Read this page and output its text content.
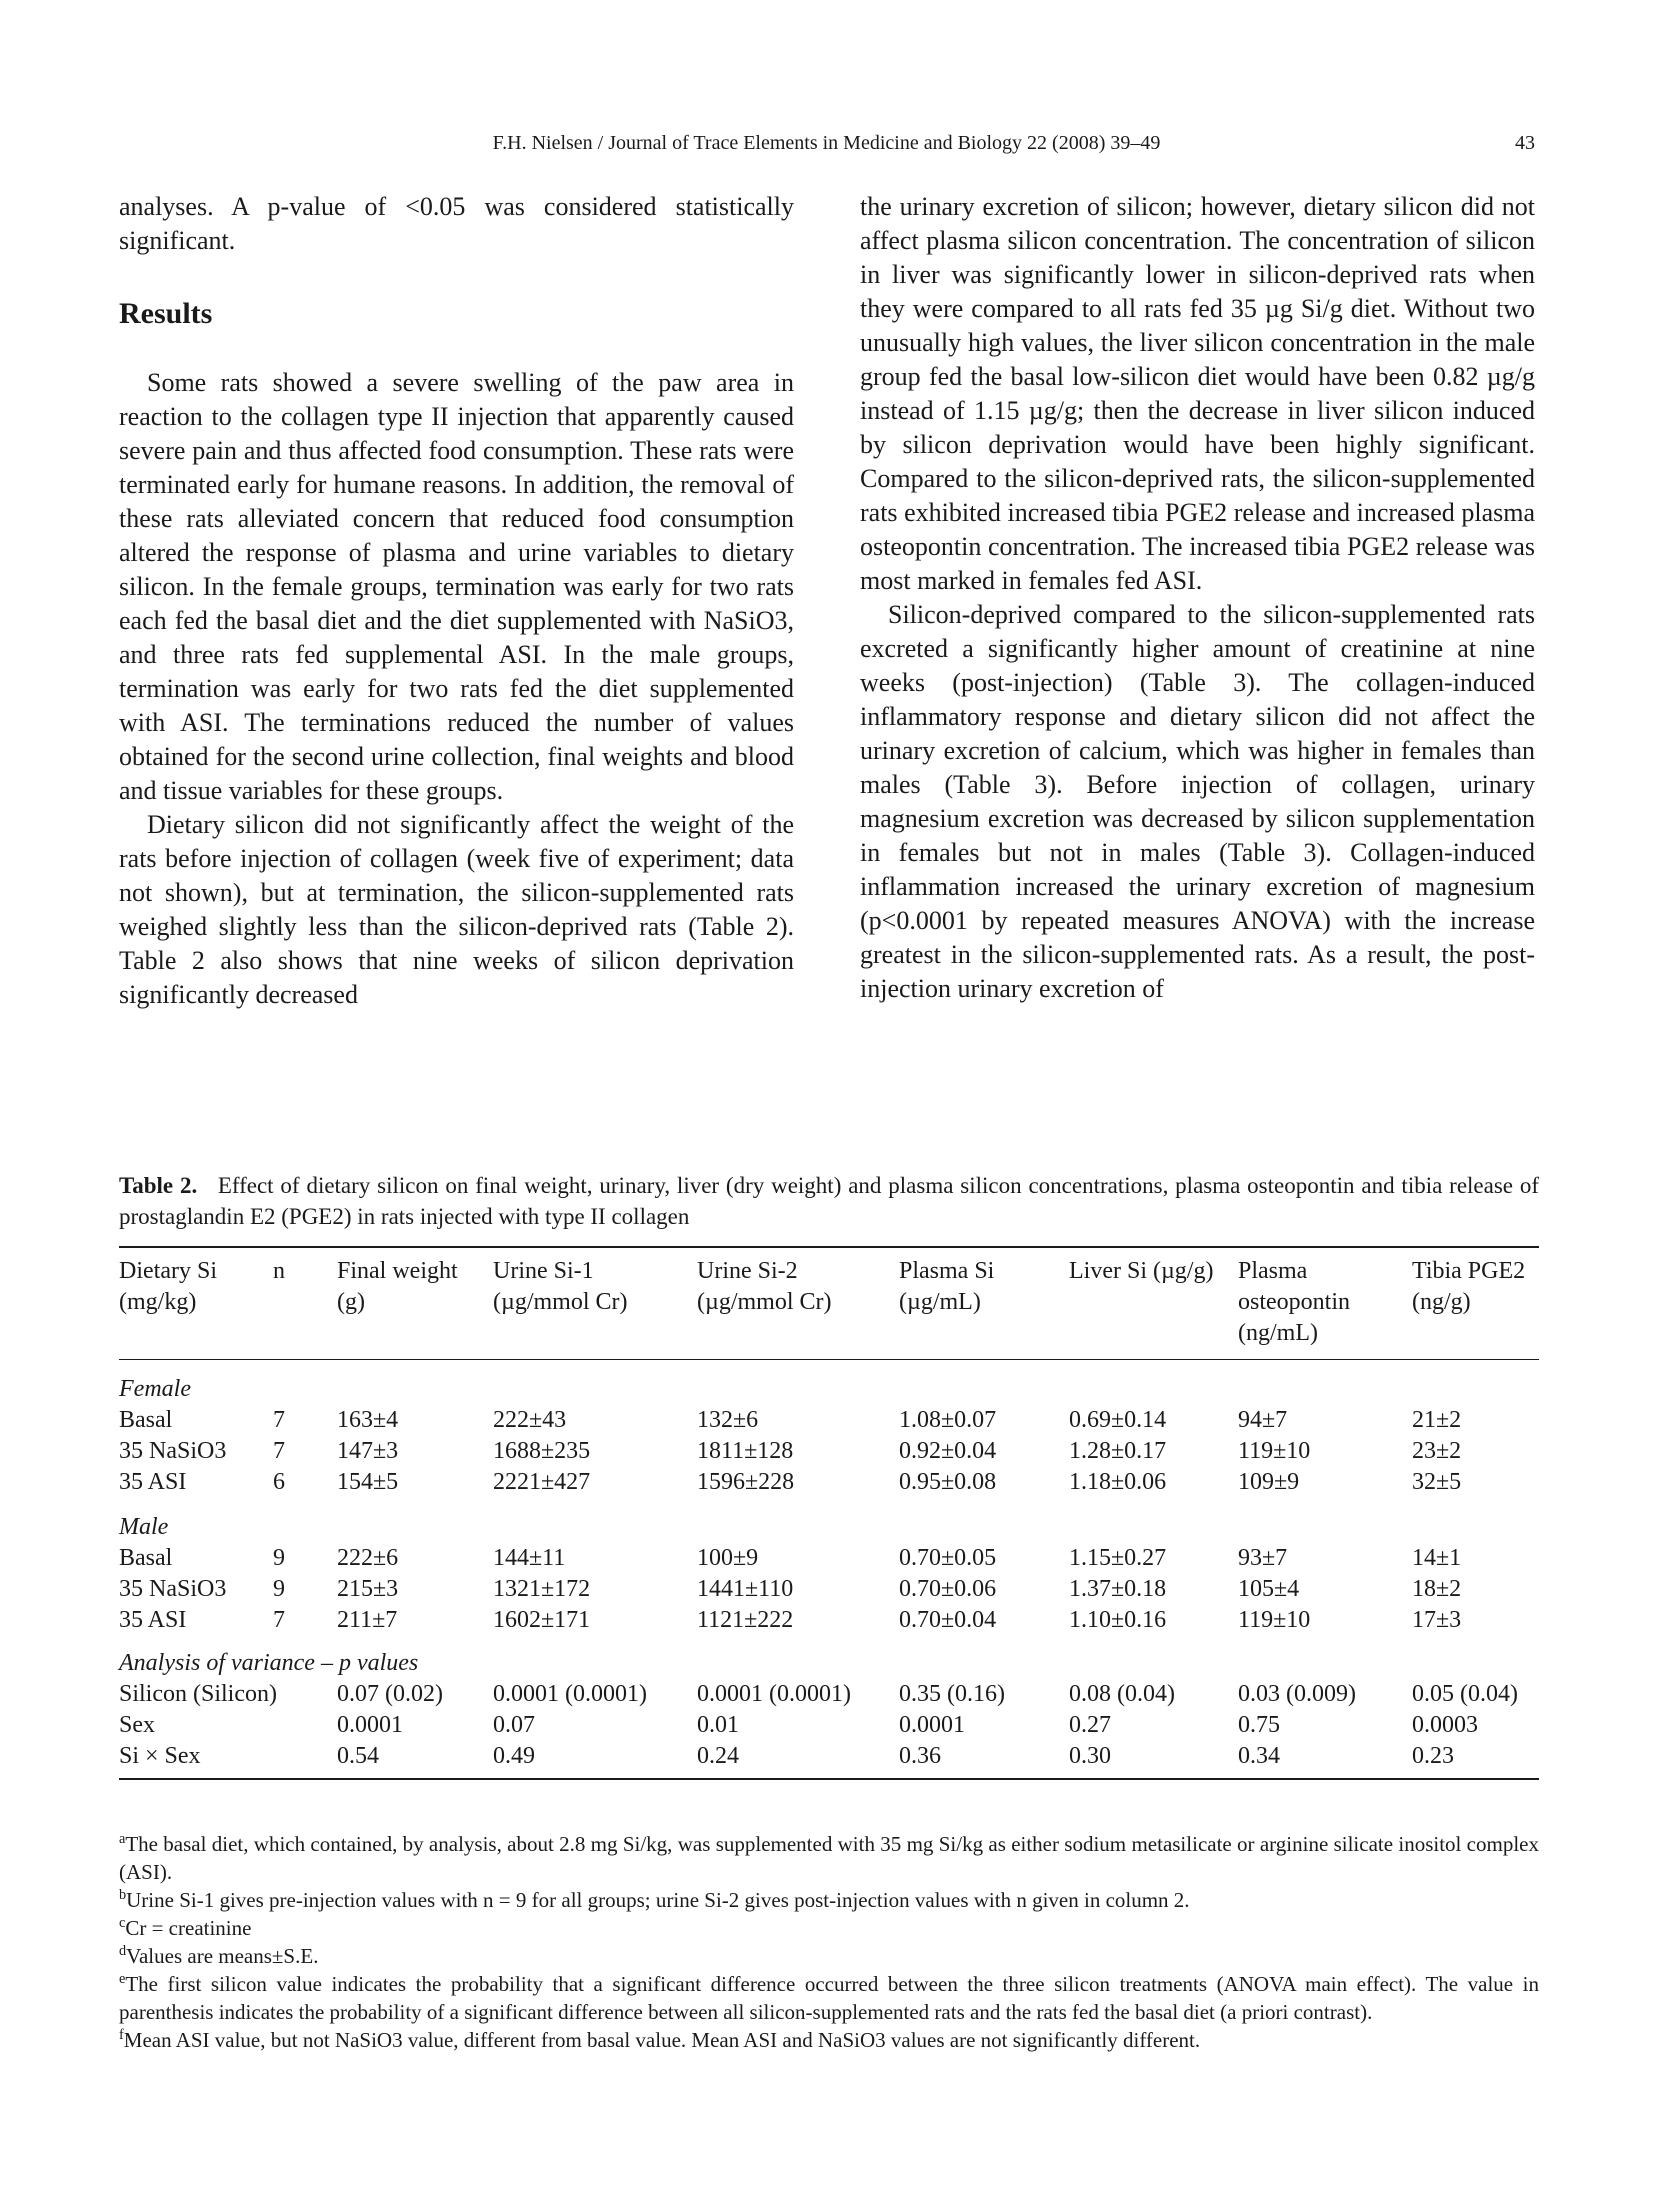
F.H. Nielsen / Journal of Trace Elements in Medicine and Biology 22 (2008) 39–49	43

analyses. A p-value of <0.05 was considered statistically significant.

Results

Some rats showed a severe swelling of the paw area in reaction to the collagen type II injection that apparently caused severe pain and thus affected food consumption. These rats were terminated early for humane reasons. In addition, the removal of these rats alleviated concern that reduced food consumption altered the response of plasma and urine variables to dietary silicon. In the female groups, termination was early for two rats each fed the basal diet and the diet supplemented with NaSiO3, and three rats fed supplemental ASI. In the male groups, termination was early for two rats fed the diet supplemented with ASI. The terminations reduced the number of values obtained for the second urine collection, final weights and blood and tissue variables for these groups.

Dietary silicon did not significantly affect the weight of the rats before injection of collagen (week five of experiment; data not shown), but at termination, the silicon-supplemented rats weighed slightly less than the silicon-deprived rats (Table 2). Table 2 also shows that nine weeks of silicon deprivation significantly decreased

the urinary excretion of silicon; however, dietary silicon did not affect plasma silicon concentration. The concentration of silicon in liver was significantly lower in silicon-deprived rats when they were compared to all rats fed 35 µg Si/g diet. Without two unusually high values, the liver silicon concentration in the male group fed the basal low-silicon diet would have been 0.82 µg/g instead of 1.15 µg/g; then the decrease in liver silicon induced by silicon deprivation would have been highly significant. Compared to the silicon-deprived rats, the silicon-supplemented rats exhibited increased tibia PGE2 release and increased plasma osteopontin concentration. The increased tibia PGE2 release was most marked in females fed ASI.

Silicon-deprived compared to the silicon-supplemented rats excreted a significantly higher amount of creatinine at nine weeks (post-injection) (Table 3). The collagen-induced inflammatory response and dietary silicon did not affect the urinary excretion of calcium, which was higher in females than males (Table 3). Before injection of collagen, urinary magnesium excretion was decreased by silicon supplementation in females but not in males (Table 3). Collagen-induced inflammation increased the urinary excretion of magnesium (p<0.0001 by repeated measures ANOVA) with the increase greatest in the silicon-supplemented rats. As a result, the post-injection urinary excretion of

Table 2. Effect of dietary silicon on final weight, urinary, liver (dry weight) and plasma silicon concentrations, plasma osteopontin and tibia release of prostaglandin E2 (PGE2) in rats injected with type II collagen

Dietary Si (mg/kg)	n	Final weight (g)	Urine Si-1 (µg/mmol Cr)	Urine Si-2 (µg/mmol Cr)	Plasma Si (µg/mL)	Liver Si (µg/g)	Plasma osteopontin (ng/mL)	Tibia PGE2 (ng/g)
Female								
Basal	7	163±4	222±43	132±6	1.08±0.07	0.69±0.14	94±7	21±2
35 NaSiO3	7	147±3	1688±235	1811±128	0.92±0.04	1.28±0.17	119±10	23±2
35 ASI	6	154±5	2221±427	1596±228	0.95±0.08	1.18±0.06	109±9	32±5
Male								
Basal	9	222±6	144±11	100±9	0.70±0.05	1.15±0.27	93±7	14±1
35 NaSiO3	9	215±3	1321±172	1441±110	0.70±0.06	1.37±0.18	105±4	18±2
35 ASI	7	211±7	1602±171	1121±222	0.70±0.04	1.10±0.16	119±10	17±3
Analysis of variance – p values								
Silicon (Silicon)		0.07 (0.02)	0.0001 (0.0001)	0.0001 (0.0001)	0.35 (0.16)	0.08 (0.04)	0.03 (0.009)	0.05 (0.04)
Sex		0.0001	0.07	0.01	0.0001	0.27	0.75	0.0003
Si × Sex		0.54	0.49	0.24	0.36	0.30	0.34	0.23

$^a$The basal diet, which contained, by analysis, about 2.8 mg Si/kg, was supplemented with 35 mg Si/kg as either sodium metasilicate or arginine silicate inositol complex (ASI).

$^b$Urine Si-1 gives pre-injection values with n = 9 for all groups; urine Si-2 gives post-injection values with n given in column 2.

$^c$Cr = creatinine

$^d$Values are means±S.E.

$^e$The first silicon value indicates the probability that a significant difference occurred between the three silicon treatments (ANOVA main effect). The value in parenthesis indicates the probability of a significant difference between all silicon-supplemented rats and the rats fed the basal diet (a priori contrast).

$^f$Mean ASI value, but not NaSiO3 value, different from basal value. Mean ASI and NaSiO3 values are not significantly different.
